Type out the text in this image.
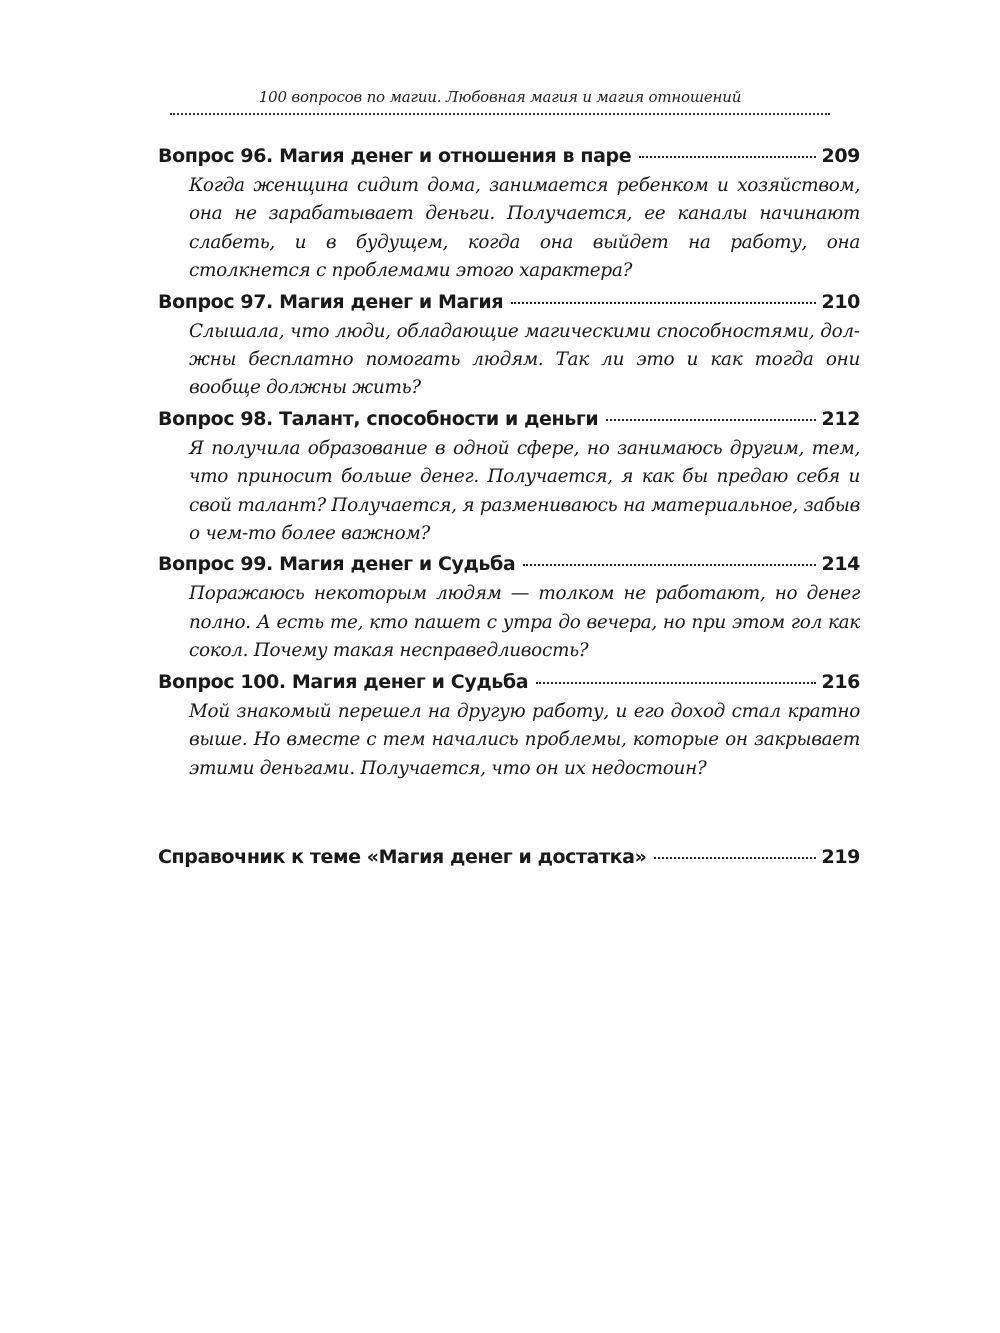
100 вопросов по магии. Любовная магия и магия отношений
Вопрос 96. Магия денег и отношения в паре	209

Когда женщина сидит дома, занимается ребенком и хозяйством, она не зарабатывает деньги. Получается, ее каналы начинают слабеть, и в будущем, когда она выйдет на работу, она столкнется с проблемами этого характера?

Вопрос 97. Магия денег и Магия	210

Слышала, что люди, обладающие магическими способностями, должны бесплатно помогать людям. Так ли это и как тогда они вообще должны жить?

Вопрос 98. Талант, способности и деньги	212

Я получила образование в одной сфере, но занимаюсь другим, тем, что приносит больше денег. Получается, я как бы предаю себя и свой талант? Получается, я размениваюсь на материальное, забыв о чем-то более важном?

Вопрос 99. Магия денег и Судьба	214

Поражаюсь некоторым людям — толком не работают, но денег полно. А есть те, кто пашет с утра до вечера, но при этом гол как сокол. Почему такая несправедливость?

Вопрос 100. Магия денег и Судьба	216

Мой знакомый перешел на другую работу, и его доход стал кратно выше. Но вместе с тем начались проблемы, которые он закрывает этими деньгами. Получается, что он их недостоин?

Справочник к теме «Магия денег и достатка»	219
